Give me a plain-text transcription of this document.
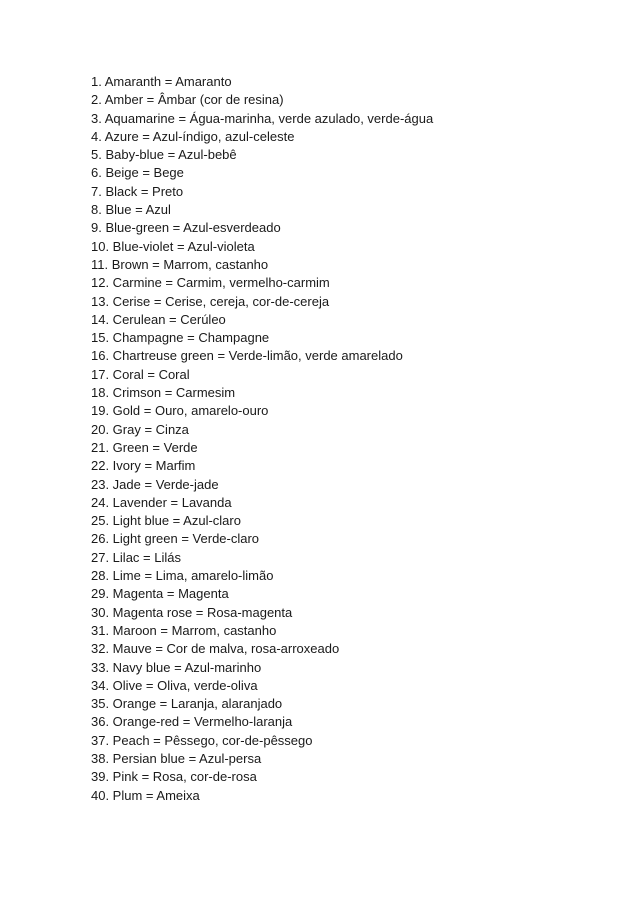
1. Amaranth = Amaranto
2. Amber = Âmbar (cor de resina)
3. Aquamarine = Água-marinha, verde azulado, verde-água
4. Azure = Azul-índigo, azul-celeste
5. Baby-blue = Azul-bebê
6. Beige = Bege
7. Black = Preto
8. Blue = Azul
9. Blue-green = Azul-esverdeado
10. Blue-violet = Azul-violeta
11. Brown = Marrom, castanho
12. Carmine = Carmim, vermelho-carmim
13. Cerise = Cerise, cereja, cor-de-cereja
14. Cerulean = Cerúleo
15. Champagne = Champagne
16. Chartreuse green = Verde-limão, verde amarelado
17. Coral = Coral
18. Crimson = Carmesim
19. Gold = Ouro, amarelo-ouro
20. Gray = Cinza
21. Green = Verde
22. Ivory = Marfim
23. Jade = Verde-jade
24. Lavender = Lavanda
25. Light blue = Azul-claro
26. Light green = Verde-claro
27. Lilac = Lilás
28. Lime = Lima, amarelo-limão
29. Magenta = Magenta
30. Magenta rose = Rosa-magenta
31. Maroon = Marrom, castanho
32. Mauve = Cor de malva, rosa-arroxeado
33. Navy blue = Azul-marinho
34. Olive = Oliva, verde-oliva
35. Orange = Laranja, alaranjado
36. Orange-red = Vermelho-laranja
37. Peach = Pêssego, cor-de-pêssego
38. Persian blue = Azul-persa
39. Pink = Rosa, cor-de-rosa
40. Plum = Ameixa
